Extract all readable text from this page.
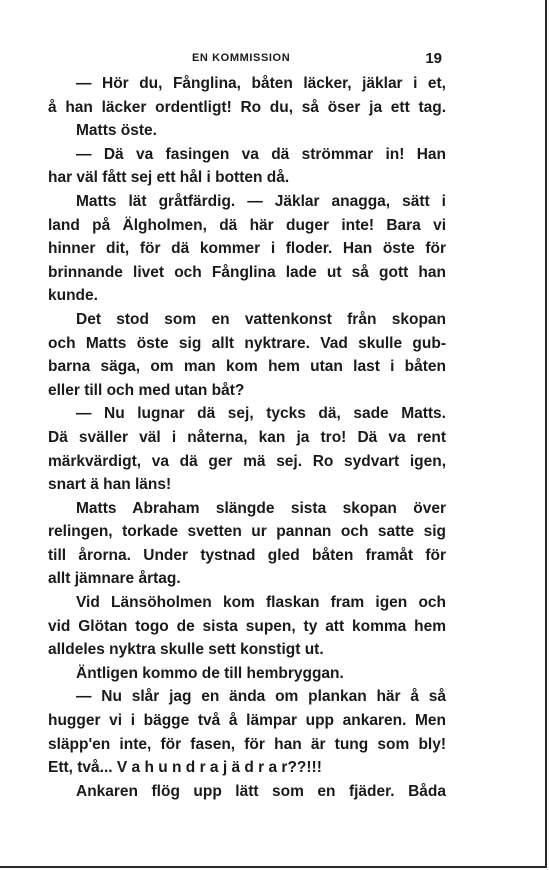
EN KOMMISSION	19
— Hör du, Fånglina, båten läcker, jäklar i et,
å han läcker ordentligt! Ro du, så öser ja ett tag.
Matts öste.
— Dä va fasingen va dä strömmar in! Han
har väl fått sej ett hål i botten då.
Matts lät gråtfärdig. — Jäklar anagga, sätt i
land på Älgholmen, dä här duger inte! Bara vi
hinner dit, för dä kommer i floder. Han öste för
brinnande livet och Fånglina lade ut så gott han
kunde.
Det stod som en vattenkonst från skopan
och Matts öste sig allt nyktrare. Vad skulle gub-
barna säga, om man kom hem utan last i båten
eller till och med utan båt?
— Nu lugnar dä sej, tycks dä, sade Matts.
Dä sväller väl i nåterna, kan ja tro! Dä va rent
märkvärdigt, va dä ger mä sej. Ro sydvart igen,
snart ä han läns!
Matts Abraham slängde sista skopan över
relingen, torkade svetten ur pannan och satte sig
till årorna. Under tystnad gled båten framåt för
allt jämnare årtag.
Vid Länsöholmen kom flaskan fram igen och
vid Glötan togo de sista supen, ty att komma hem
alldeles nyktra skulle sett konstigt ut.
Äntligen kommo de till hembryggan.
— Nu slår jag en ända om plankan här å så
hugger vi i bägge två å lämpar upp ankaren. Men
släpp'en inte, för fasen, för han är tung som bly!
Ett, två... V a h u n d r a j ä d r a r??!!!
Ankaren flög upp lätt som en fjäder. Båda
